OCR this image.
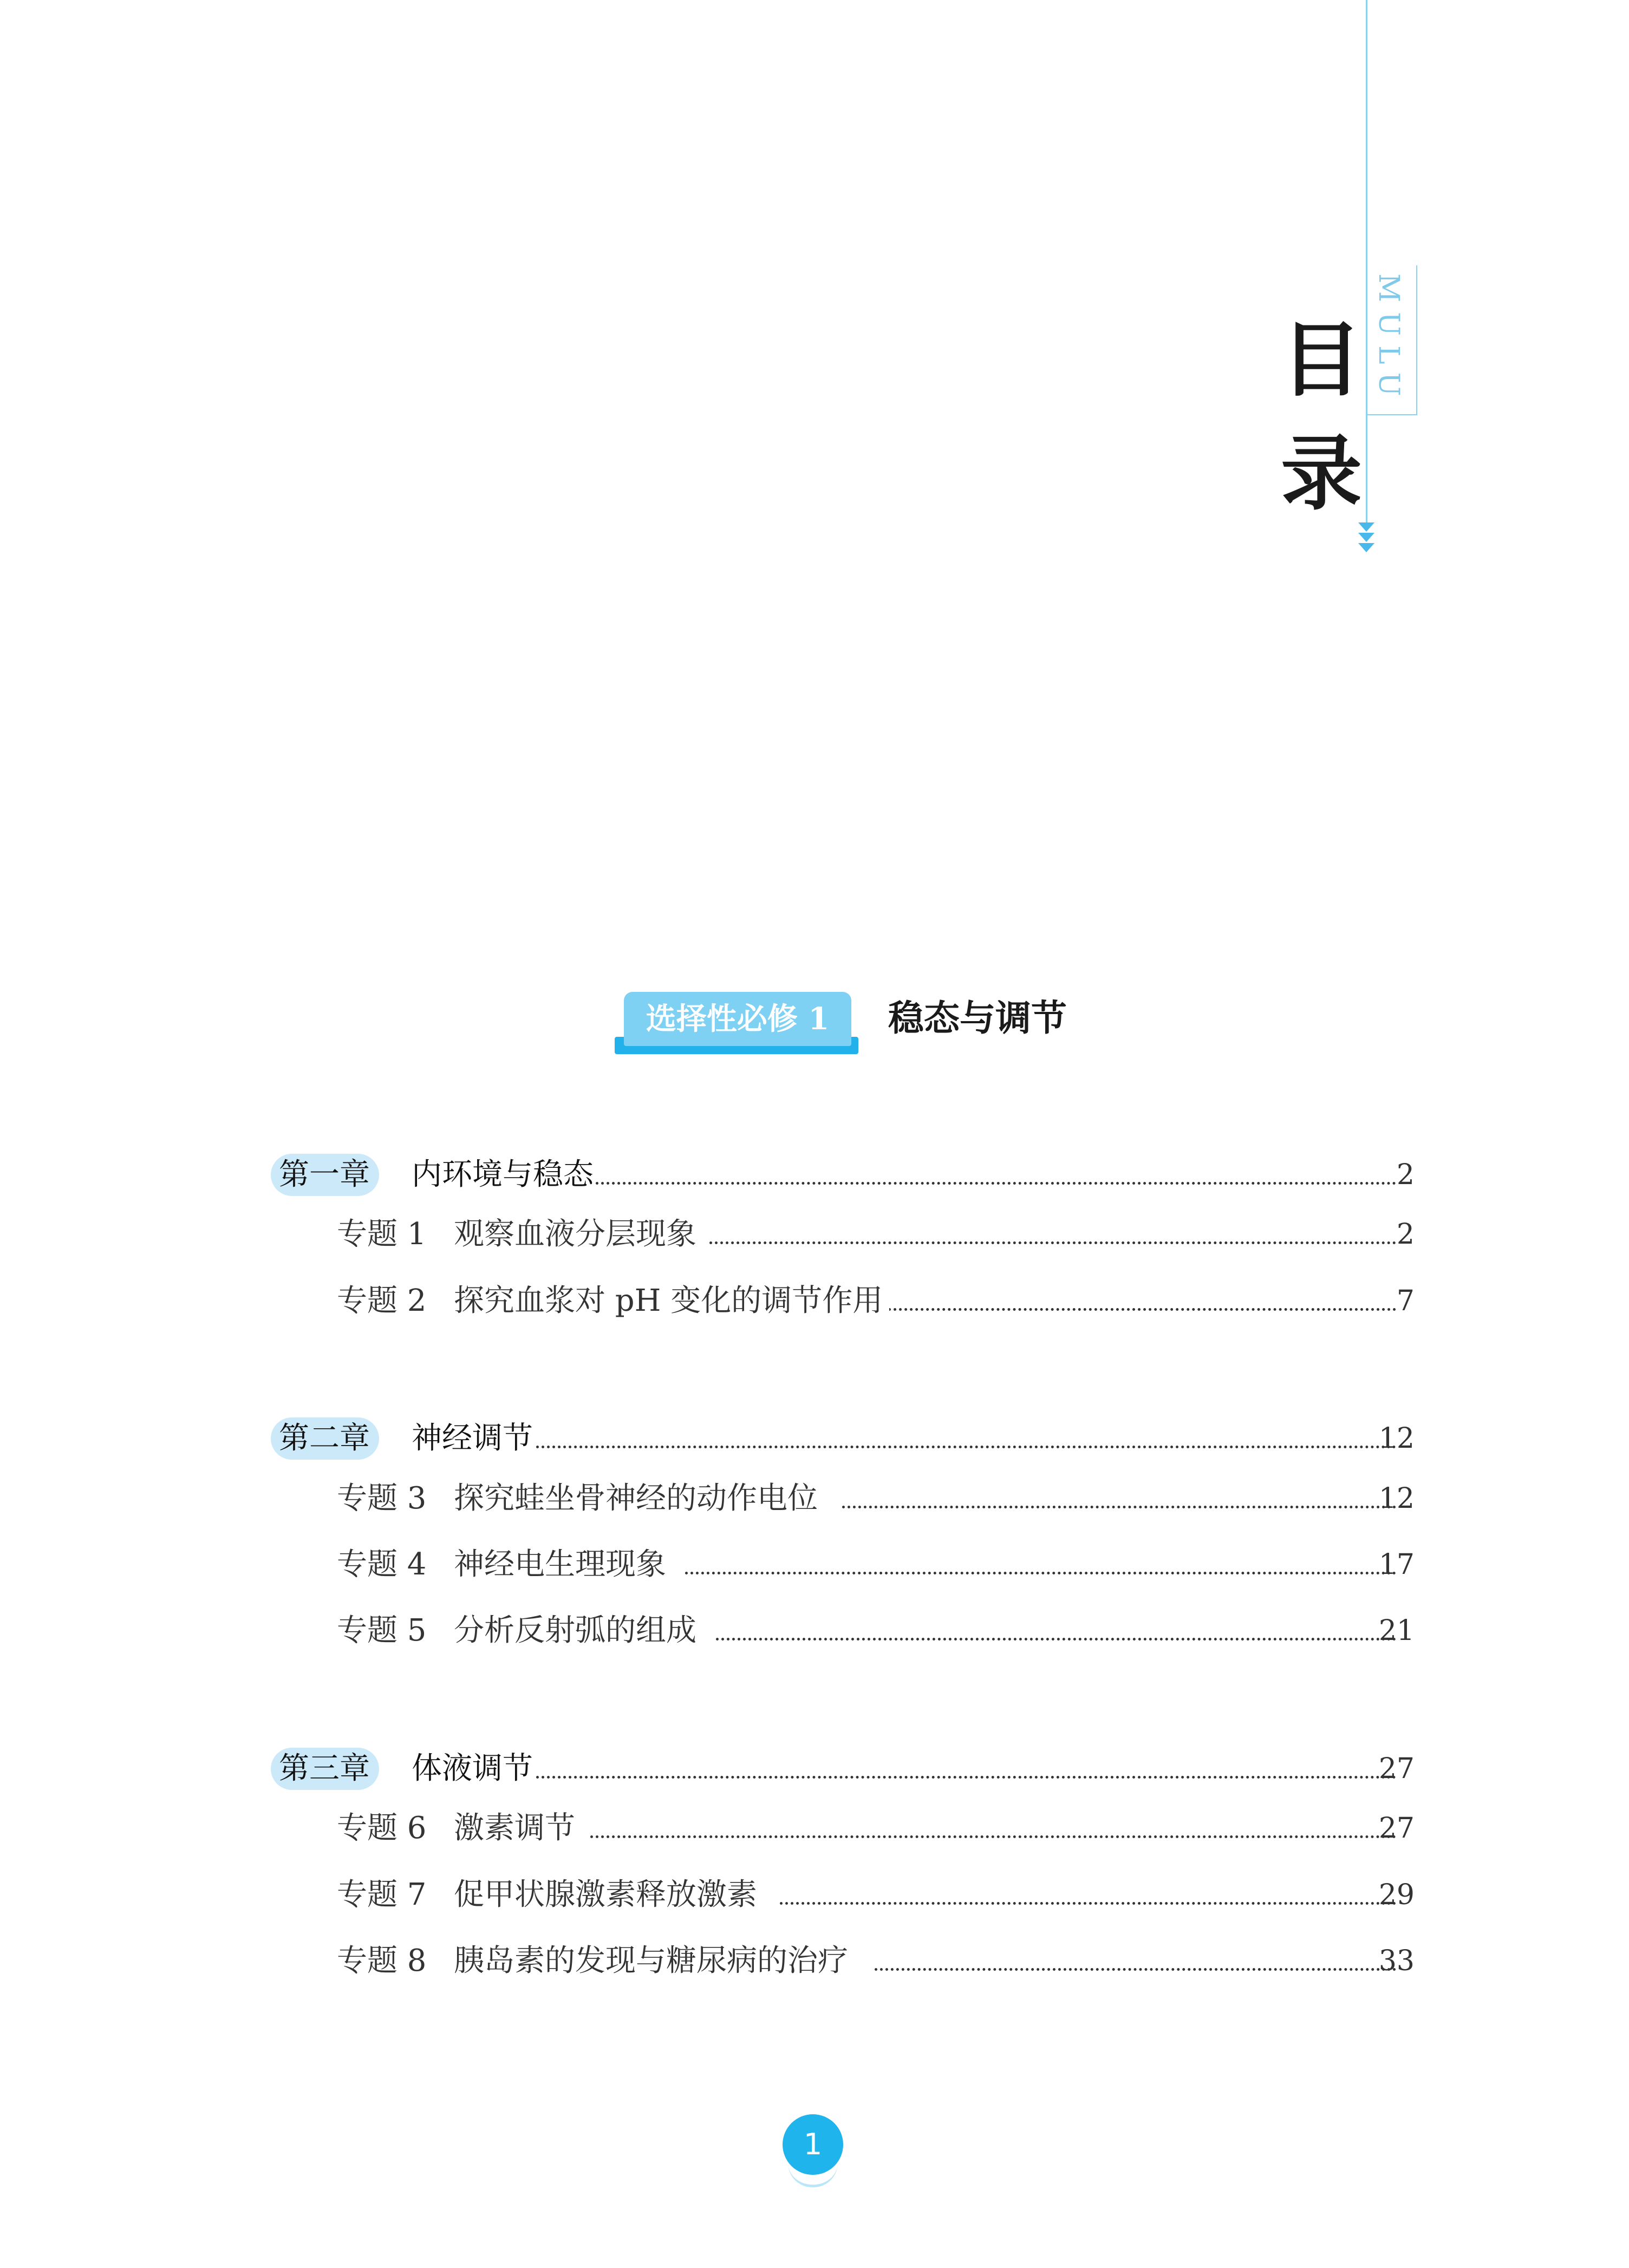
MULU
目
录
选择性必修 1	稳态与调节
第一章 内环境与稳态	2
专题 1 观察血液分层现象	2
专题 2 探究血浆对 pH 变化的调节作用	7
第二章 神经调节	12
专题 3 探究蛙坐骨神经的动作电位	12
专题 4 神经电生理现象	17
专题 5 分析反射弧的组成	21
第三章 体液调节	27
专题 6 激素调节	27
专题 7 促甲状腺激素释放激素	29
专题 8 胰岛素的发现与糖尿病的治疗	33
1
